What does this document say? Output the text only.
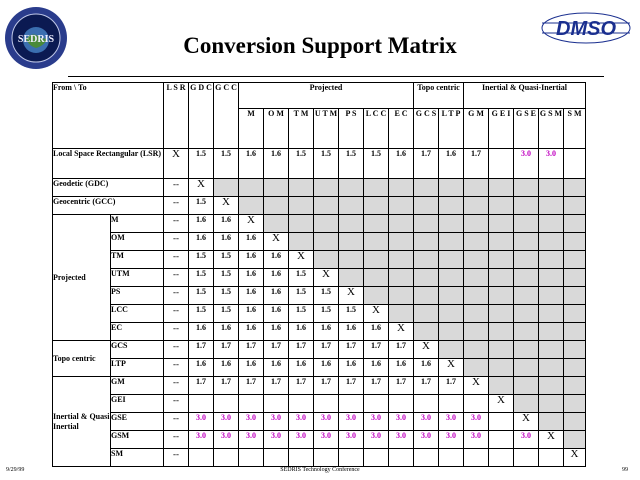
SEDRIS	DMSO
Conversion Support Matrix
From \ To		L S R	G D C	G C C	Projected							Topo centric		Inertial & Quasi-Inertial				
					M	O M	T M	U T M	P S	L C C	E C	G C S	L T P	G M	G E I	G S E	G S M	S M
Local Space Rectangular (LSR)		X	1.5	1.5	1.6	1.6	1.5	1.5	1.5	1.5	1.6	1.7	1.6	1.7		3.0	3.0	
Geodetic (GDC)		--	X															
Geocentric (GCC)		--	1.5	X														
Projected	M	--	1.6	1.6	X													
	OM	--	1.6	1.6	1.6	X												
	TM	--	1.5	1.5	1.6	1.6	X											
	UTM	--	1.5	1.5	1.6	1.6	1.5	X										
	PS	--	1.5	1.5	1.6	1.6	1.5	1.5	X									
	LCC	--	1.5	1.5	1.6	1.6	1.5	1.5	1.5	X								
	EC	--	1.6	1.6	1.6	1.6	1.6	1.6	1.6	1.6	X							
Topo centric	GCS	--	1.7	1.7	1.7	1.7	1.7	1.7	1.7	1.7	1.7	X						
	LTP	--	1.6	1.6	1.6	1.6	1.6	1.6	1.6	1.6	1.6	1.6	X					
Inertial & Quasi Inertial	GM	--	1.7	1.7	1.7	1.7	1.7	1.7	1.7	1.7	1.7	1.7	1.7	X				
	GEI	--													X			
	GSE	--	3.0	3.0	3.0	3.0	3.0	3.0	3.0	3.0	3.0	3.0	3.0	3.0		X		
	GSM	--	3.0	3.0	3.0	3.0	3.0	3.0	3.0	3.0	3.0	3.0	3.0	3.0		3.0	X	
	SM	--																X
9/29/99	SEDRIS Technology Conference	99
